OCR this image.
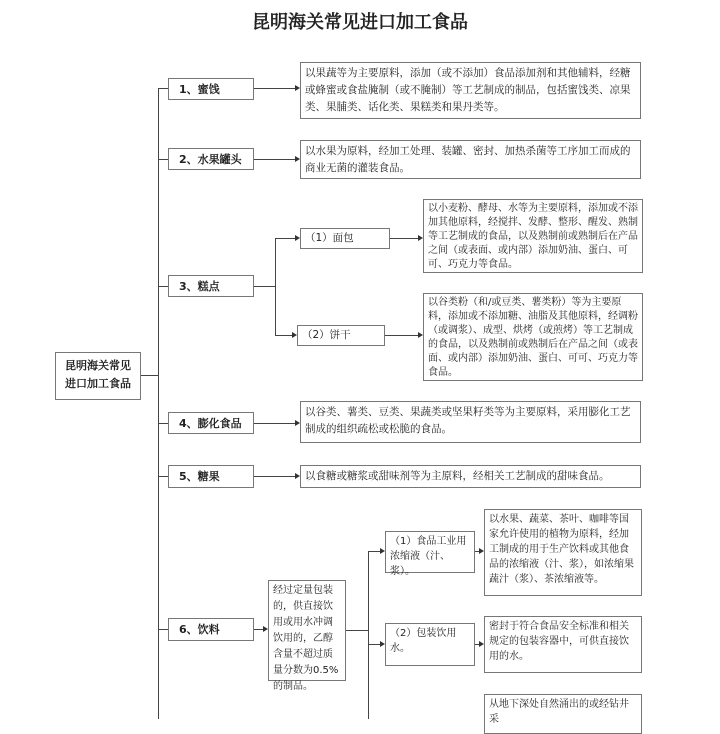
昆明海关常见进口加工食品
昆明海关常见进口加工食品
1、蜜饯
以果蔬等为主要原料，添加（或不添加）食品添加剂和其他辅料，经糖或蜂蜜或食盐腌制（或不腌制）等工艺制成的制品，包括蜜饯类、凉果类、果脯类、话化类、果糕类和果丹类等。
2、水果罐头
以水果为原料，经加工处理、装罐、密封、加热杀菌等工序加工而成的商业无菌的灌装食品。
3、糕点
（1）面包
以小麦粉、酵母、水等为主要原料，添加或不添加其他原料，经搅拌、发酵、整形、醒发、熟制等工艺制成的食品，以及熟制前或熟制后在产品之间（或表面、或内部）添加奶油、蛋白、可可、巧克力等食品。
（2）饼干
以谷类粉（和/或豆类、薯类粉）等为主要原料，添加或不添加糖、油脂及其他原料，经调粉（或调浆）、成型、烘烤（或煎烤）等工艺制成的食品，以及熟制前或熟制后在产品之间（或表面、或内部）添加奶油、蛋白、可可、巧克力等食品。
4、膨化食品
以谷类、薯类、豆类、果蔬类或坚果籽类等为主要原料，采用膨化工艺制成的组织疏松或松脆的食品。
5、糖果	以食糖或糖浆或甜味剂等为主原料，经相关工艺制成的甜味食品。
6、饮料
经过定量包装的，供直接饮用或用水冲调饮用的，乙醇含量不超过质量分数为0.5%的制品。
（1）食品工业用浓缩液（汁、浆）。
以水果、蔬菜、茶叶、咖啡等国家允许使用的植物为原料，经加工制成的用于生产饮料或其他食品的浓缩液（汁、浆），如浓缩果蔬汁（浆）、茶浓缩液等。
（2）包装饮用水。
密封于符合食品安全标准和相关规定的包装容器中，可供直接饮用的水。
从地下深处自然涌出的或经钻井采
